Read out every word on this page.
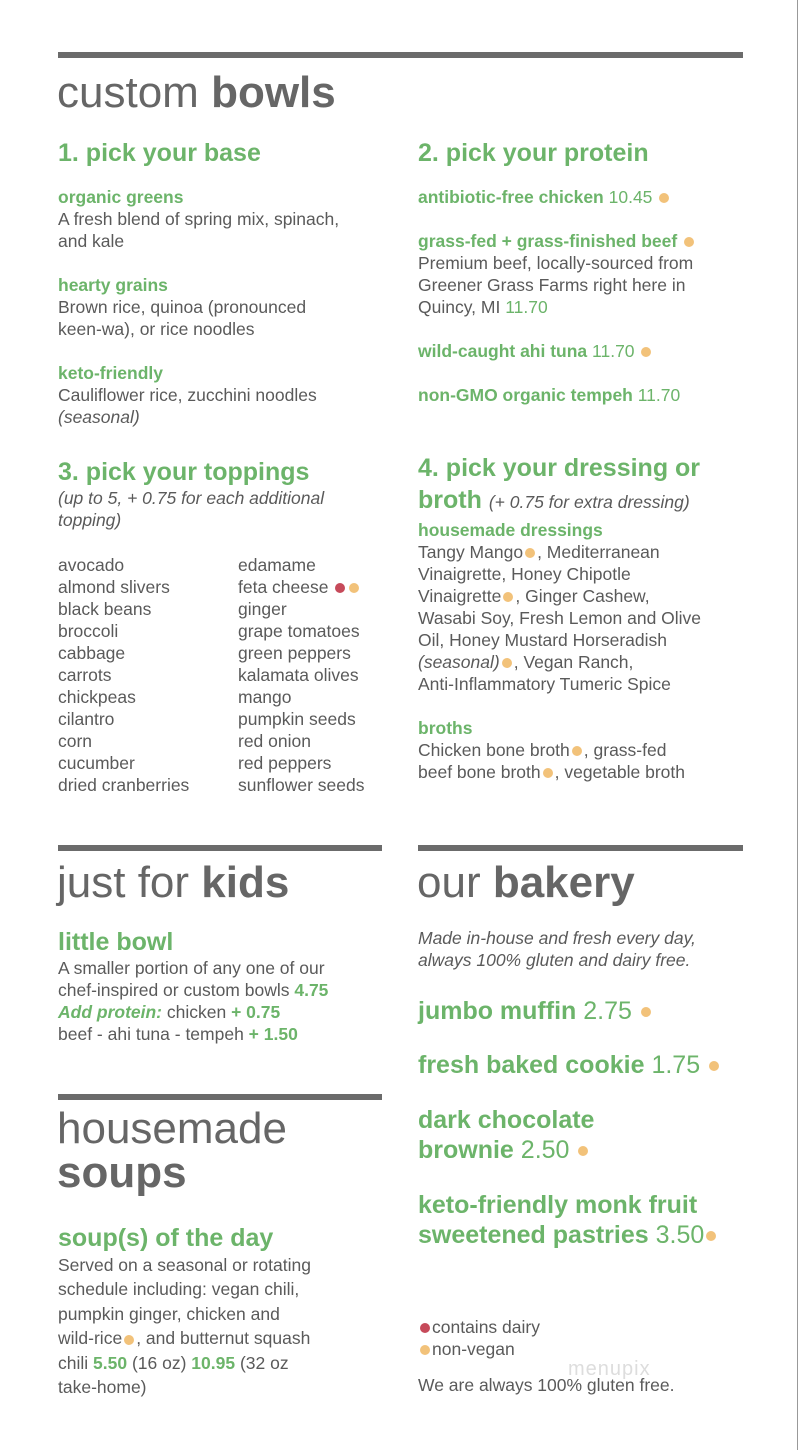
custom bowls
1. pick your base
organic greens
A fresh blend of spring mix, spinach,
and kale
hearty grains
Brown rice, quinoa (pronounced
keen-wa), or rice noodles
keto-friendly
Cauliflower rice, zucchini noodles
(seasonal)
3. pick your toppings
(up to 5, + 0.75 for each additional
topping)
avocado
almond slivers
black beans
broccoli
cabbage
carrots
chickpeas
cilantro
corn
cucumber
dried cranberries
edamame
feta cheese
ginger
grape tomatoes
green peppers
kalamata olives
mango
pumpkin seeds
red onion
red peppers
sunflower seeds
2. pick your protein
antibiotic-free chicken 10.45
grass-fed + grass-finished beef
Premium beef, locally-sourced from
Greener Grass Farms right here in
Quincy, MI 11.70
wild-caught ahi tuna 11.70
non-GMO organic tempeh 11.70
4. pick your dressing or
broth (+ 0.75 for extra dressing)
housemade dressings
Tangy Mango , Mediterranean
Vinaigrette, Honey Chipotle
Vinaigrette , Ginger Cashew,
Wasabi Soy, Fresh Lemon and Olive
Oil, Honey Mustard Horseradish
(seasonal) , Vegan Ranch,
Anti-Inflammatory Tumeric Spice
broths
Chicken bone broth , grass-fed
beef bone broth , vegetable broth
just for kids
little bowl
A smaller portion of any one of our
chef-inspired or custom bowls 4.75
Add protein: chicken + 0.75
beef - ahi tuna - tempeh + 1.50
housemade
soups
soup(s) of the day
Served on a seasonal or rotating
schedule including: vegan chili,
pumpkin ginger, chicken and
wild-rice , and butternut squash
chili 5.50 (16 oz) 10.95 (32 oz
take-home)
our bakery
Made in-house and fresh every day,
always 100% gluten and dairy free.
jumbo muffin 2.75
fresh baked cookie 1.75
dark chocolate
brownie 2.50
keto-friendly monk fruit
sweetened pastries 3.50
contains dairy
non-vegan
We are always 100% gluten free.
menupix
